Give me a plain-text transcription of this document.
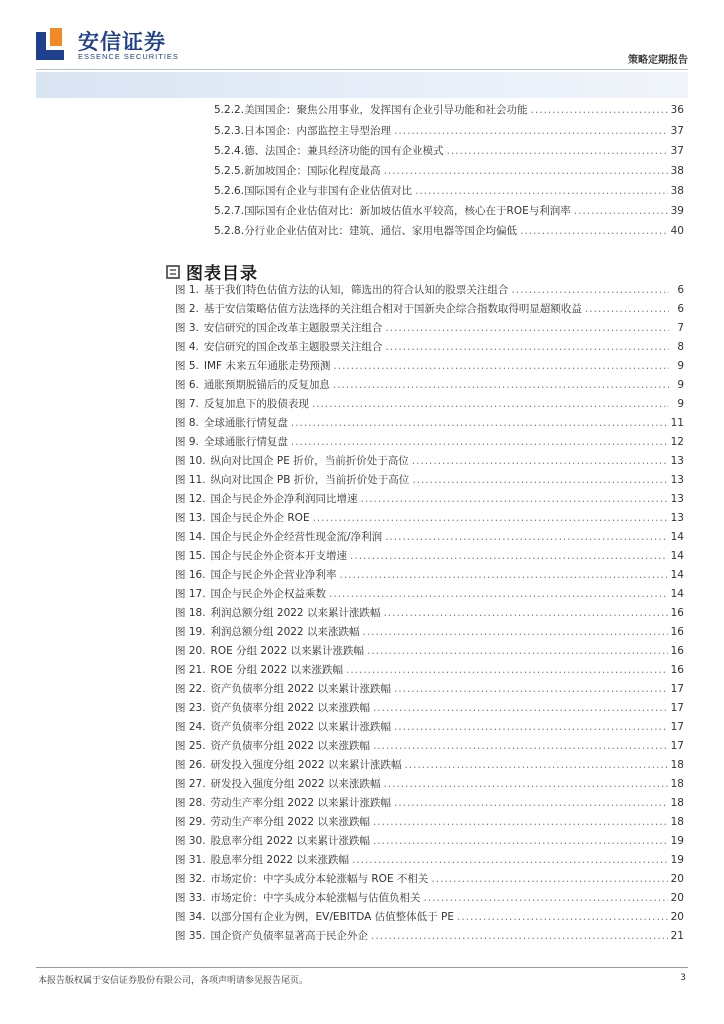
安信证券
ESSENCE SECURITIES	策略定期报告
5.2.2. 美国国企：聚焦公用事业，发挥国有企业引导功能和社会功能 .....	36
5.2.3. 日本国企：内部监控主导型治理 .....	37
5.2.4. 德、法国企：兼具经济功能的国有企业模式 .....	37
5.2.5. 新加坡国企：国际化程度最高 .....	38
5.2.6. 国际国有企业与非国有企业估值对比 .....	38
5.2.7. 国际国有企业估值对比：新加坡估值水平较高，核心在于ROE与利润率 .....	39
5.2.8. 分行业企业估值对比：建筑、通信、家用电器等国企均偏低 .....	40
图表目录
图 1. 基于我们特色估值方法的认知，筛选出的符合认知的股票关注组合 .....	6
图 2. 基于安信策略估值方法选择的关注组合相对于国新央企综合指数取得明显超额收益 .....	6
图 3. 安信研究的国企改革主题股票关注组合 .....	7
图 4. 安信研究的国企改革主题股票关注组合 .....	8
图 5. IMF 未来五年通胀走势预测 .....	9
图 6. 通胀预期脱锚后的反复加息 .....	9
图 7. 反复加息下的股债表现 .....	9
图 8. 全球通胀行情复盘 .....	11
图 9. 全球通胀行情复盘 .....	12
图 10. 纵向对比国企 PE 折价，当前折价处于高位 .....	13
图 11. 纵向对比国企 PB 折价，当前折价处于高位 .....	13
图 12. 国企与民企外企净利润同比增速 .....	13
图 13. 国企与民企外企 ROE .....	13
图 14. 国企与民企外企经营性现金流/净利润 .....	14
图 15. 国企与民企外企资本开支增速 .....	14
图 16. 国企与民企外企营业净利率 .....	14
图 17. 国企与民企外企权益乘数 .....	14
图 18. 利润总额分组 2022 以来累计涨跌幅 .....	16
图 19. 利润总额分组 2022 以来涨跌幅 .....	16
图 20. ROE 分组 2022 以来累计涨跌幅 .....	16
图 21. ROE 分组 2022 以来涨跌幅 .....	16
图 22. 资产负债率分组 2022 以来累计涨跌幅 .....	17
图 23. 资产负债率分组 2022 以来涨跌幅 .....	17
图 24. 资产负债率分组 2022 以来累计涨跌幅 .....	17
图 25. 资产负债率分组 2022 以来涨跌幅 .....	17
图 26. 研发投入强度分组 2022 以来累计涨跌幅 .....	18
图 27. 研发投入强度分组 2022 以来涨跌幅 .....	18
图 28. 劳动生产率分组 2022 以来累计涨跌幅 .....	18
图 29. 劳动生产率分组 2022 以来涨跌幅 .....	18
图 30. 股息率分组 2022 以来累计涨跌幅 .....	19
图 31. 股息率分组 2022 以来涨跌幅 .....	19
图 32. 市场定价：中字头成分本轮涨幅与 ROE 不相关 .....	20
图 33. 市场定价：中字头成分本轮涨幅与估值负相关 .....	20
图 34. 以部分国有企业为例，EV/EBITDA 估值整体低于 PE .....	20
图 35. 国企资产负债率显著高于民企外企 .....	21
本报告版权属于安信证券股份有限公司，各项声明请参见报告尾页。	3
